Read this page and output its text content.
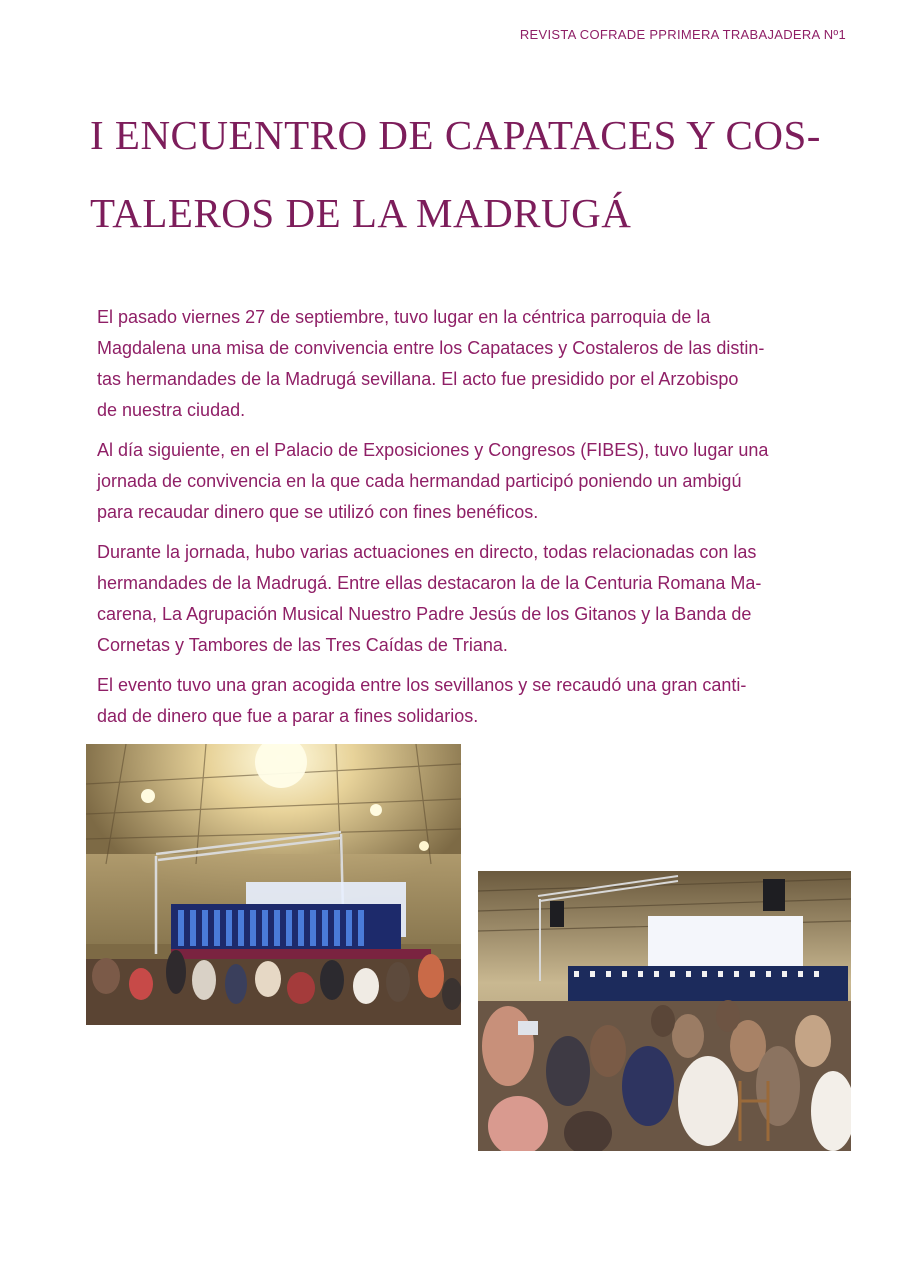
REVISTA COFRADE PPRIMERA TRABAJADERA Nº1
I ENCUENTRO DE CAPATACES Y COS-
TALEROS DE LA MADRUGÁ

El pasado viernes 27 de septiembre, tuvo lugar en la céntrica parroquia de la
Magdalena una misa de convivencia entre los Capataces y Costaleros de las distin-
tas hermandades de la Madrugá sevillana. El acto fue presidido por el Arzobispo
de nuestra ciudad.

Al día siguiente, en el Palacio de Exposiciones y Congresos (FIBES), tuvo lugar una
jornada de convivencia en la que cada hermandad participó poniendo un ambigú
para recaudar dinero que se utilizó con fines benéficos.

Durante la jornada, hubo varias actuaciones en directo, todas relacionadas con las
hermandades de la Madrugá. Entre ellas destacaron la de la Centuria Romana Ma-
carena, La Agrupación Musical Nuestro Padre Jesús de los Gitanos y la Banda de
Cornetas y Tambores de las Tres Caídas de Triana.

El evento tuvo una gran acogida entre los sevillanos y se recaudó una gran canti-
dad de dinero que fue a parar a fines solidarios.
